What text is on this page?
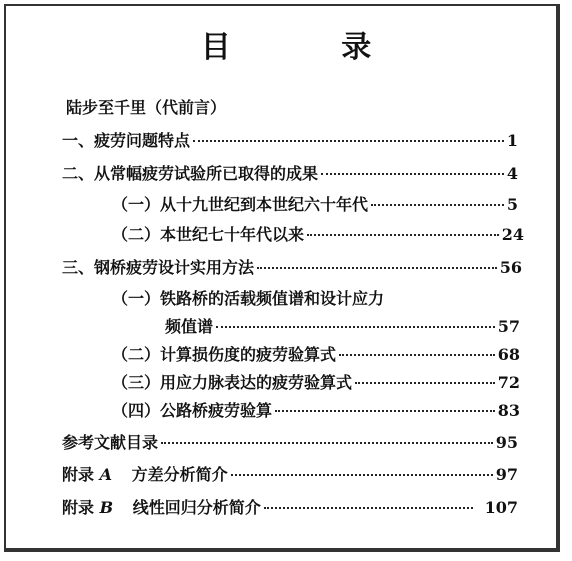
目 录
陆步至千里（代前言）
一、疲劳问题特点	1
二、从常幅疲劳试验所已取得的成果	4
（一）从十九世纪到本世纪六十年代	5
（二）本世纪七十年代以来	24
三、钢桥疲劳设计实用方法	56
（一）铁路桥的活载频值谱和设计应力
频值谱	57
（二）计算损伤度的疲劳验算式	68
（三）用应力脉表达的疲劳验算式	72
（四）公路桥疲劳验算	83
参考文献目录	95
附录 A 方差分析简介	97
附录 B 线性回归分析简介	107
